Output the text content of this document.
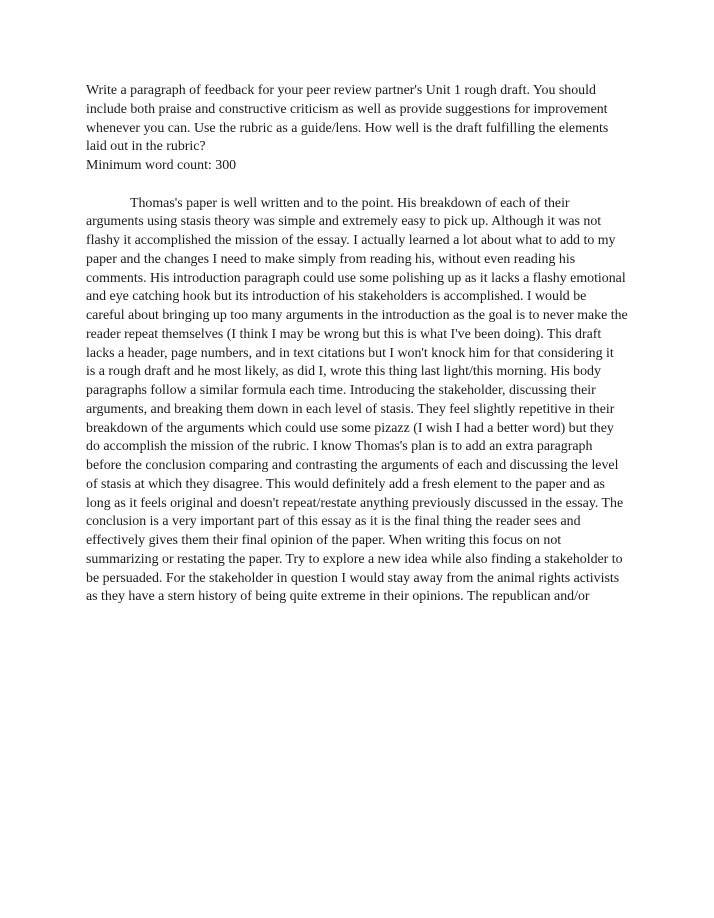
Write a paragraph of feedback for your peer review partner's Unit 1 rough draft. You should
include both praise and constructive criticism as well as provide suggestions for improvement
whenever you can. Use the rubric as a guide/lens. How well is the draft fulfilling the elements
laid out in the rubric?
Minimum word count: 300
Thomas's paper is well written and to the point. His breakdown of each of their
arguments using stasis theory was simple and extremely easy to pick up. Although it was not
flashy it accomplished the mission of the essay. I actually learned a lot about what to add to my
paper and the changes I need to make simply from reading his, without even reading his
comments. His introduction paragraph could use some polishing up as it lacks a flashy emotional
and eye catching hook but its introduction of his stakeholders is accomplished. I would be
careful about bringing up too many arguments in the introduction as the goal is to never make the
reader repeat themselves (I think I may be wrong but this is what I've been doing). This draft
lacks a header, page numbers, and in text citations but I won't knock him for that considering it
is a rough draft and he most likely, as did I, wrote this thing last light/this morning. His body
paragraphs follow a similar formula each time. Introducing the stakeholder, discussing their
arguments, and breaking them down in each level of stasis. They feel slightly repetitive in their
breakdown of the arguments which could use some pizazz (I wish I had a better word) but they
do accomplish the mission of the rubric. I know Thomas's plan is to add an extra paragraph
before the conclusion comparing and contrasting the arguments of each and discussing the level
of stasis at which they disagree. This would definitely add a fresh element to the paper and as
long as it feels original and doesn't repeat/restate anything previously discussed in the essay. The
conclusion is a very important part of this essay as it is the final thing the reader sees and
effectively gives them their final opinion of the paper. When writing this focus on not
summarizing or restating the paper. Try to explore a new idea while also finding a stakeholder to
be persuaded. For the stakeholder in question I would stay away from the animal rights activists
as they have a stern history of being quite extreme in their opinions. The republican and/or
